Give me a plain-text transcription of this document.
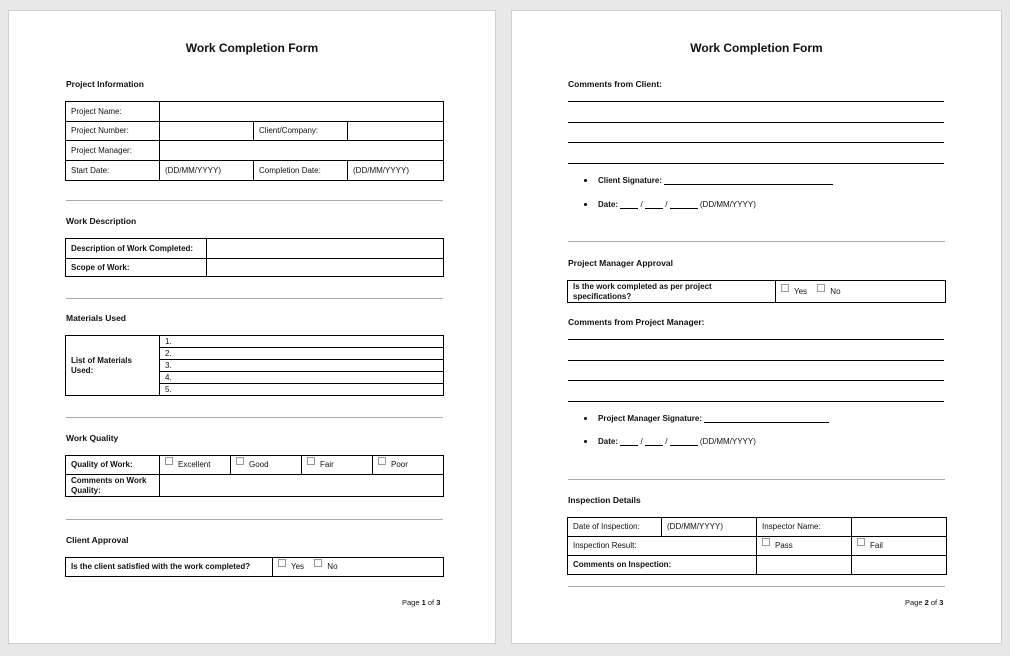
Work Completion Form
Project Information
Project Name:			
Project Number:		Client/Company:	
Project Manager:			
Start Date:	(DD/MM/YYYY)	Completion Date:	(DD/MM/YYYY)
Work Description
Description of Work Completed:	
Scope of Work:	
Materials Used
List of Materials
Used:	1.
2.
3.
4.
5.
Work Quality
Quality of Work:	Excellent	Good	Fair	Poor
Comments on Work
Quality:				
Client Approval
Is the client satisfied with the work completed?	Yes	No
Page 1 of 3
Work Completion Form
Comments from Client:
Client Signature:
Date:	/	/	(DD/MM/YYYY)
Project Manager Approval
Is the work completed as per project
specifications?	Yes	No
Comments from Project Manager:
Project Manager Signature:
Date:	/	/	(DD/MM/YYYY)
Inspection Details
Date of Inspection:	(DD/MM/YYYY)	Inspector Name:	
Inspection Result:		Pass	Fail
Comments on Inspection:			
Page 2 of 3
